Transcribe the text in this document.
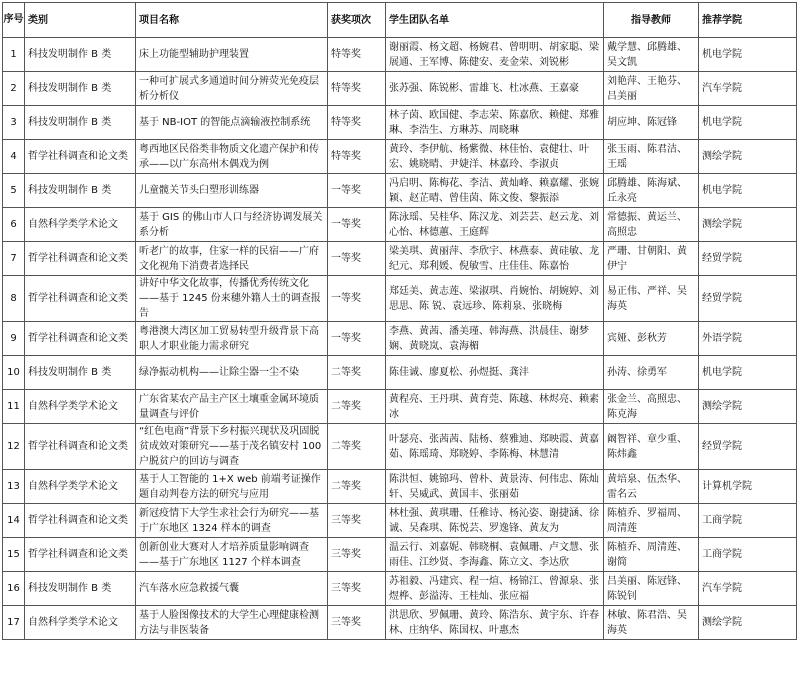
序号	类别	项目名称	获奖项次	学生团队名单	指导教师	推荐学院
1	科技发明制作 B 类	床上功能型辅助护理装置	特等奖	谢丽霞、杨文超、杨婉君、曾明明、胡家聪、梁展通、王军博、陈健安、麦金荣、刘锐彬	戴学慧、邱腾雄、吴文凯	机电学院
2	科技发明制作 B 类	一种可扩展式多通道时间分辨荧光免疫层析分析仪	特等奖	张苏强、陈锐彬、雷雄飞、杜冰燕、王嘉豪	刘艳萍、王艳芬、吕美丽	汽车学院
3	科技发明制作 B 类	基于 NB-IOT 的智能点滴输液控制系统	特等奖	林子茵、欧国健、李志荣、陈嘉欣、赖健、郑雅琳、李浩生、方琳苏、周晓琳	胡应坤、陈冠锋	机电学院
4	哲学社科调查和论文类	粤西地区民俗类非物质文化遗产保护和传承——以广东高州木偶戏为例	特等奖	黄玲、李伊航、杨紫微、林佳怡、袁健壮、叶宏、姚晓晴、尹婕洋、林嘉玲、李淑贞	张玉雨、陈君洁、王瑶	测绘学院
5	科技发明制作 B 类	儿童髋关节头臼塑形训练器	一等奖	冯启明、陈梅花、李洁、黄灿峰、赖嘉耀、张婉颖、赵芷晴、曾佳茵、陈文俊、黎振添	邱腾雄、陈海斌、丘永亮	机电学院
6	自然科学类学术论文	基于 GIS 的佛山市人口与经济协调发展关系分析	一等奖	陈泳瑶、吴桂华、陈汉龙、刘芸芸、赵云龙、刘心怡、林德蕙、王庭辉	常德振、黄运兰、高照忠	测绘学院
7	哲学社科调查和论文类	听老广的故事，住家一样的民宿——广府文化视角下消费者选择民	一等奖	梁美琪、黄丽萍、李欣宇、林燕泰、黄硅敏、龙纪元、郑利媛、倪敏雪、庄佳佳、陈嘉怡	严珊、甘朝阳、黄伊宁	经贸学院
8	哲学社科调查和论文类	讲好中华文化故事，传播优秀传统文化——基于 1245 份来穗外籍人士的调查报告	一等奖	郑廷美、黄志莲、梁淑琪、肖婉怡、胡婉婷、刘思思、陈 锐、袁远珍、陈莉泉、张晓梅	易正伟、严祥、吴海英	经贸学院
9	哲学社科调查和论文类	粤港澳大湾区加工贸易转型升级背景下高职人才职业能力需求研究	一等奖	李燕、黄茜、潘美瑾、韩海燕、洪晨佳、谢梦娴、黄晓岚、袁海楣	宾娅、彭秋芳	外语学院
10	科技发明制作 B 类	绿净振动机构——让除尘器一尘不染	二等奖	陈佳诚、廖夏松、孙煜挺、龚沣	孙涛、徐勇军	机电学院
11	自然科学类学术论文	广东省某农产品主产区土壤重金属环境质量调查与评价	二等奖	黄程亮、王丹琪、黄育莞、陈越、林烬亮、赖素冰	张金兰、高照忠、陈克海	测绘学院
12	哲学社科调查和论文类	“红色电商”背景下乡村振兴现状及巩固脱贫成效对策研究——基于茂名镇安村 100户脱贫户的回访与调查	二等奖	叶瑟亮、张茜茜、陆杨、蔡雅迪、郑映霞、黄嘉茹、陈瑶琦、郑晓婷、李陈梅、林慧清	阚智祥、章少重、陈炜鑫	经贸学院
13	自然科学类学术论文	基于人工智能的 1+X web 前端考证操作题自动判卷方法的研究与应用	二等奖	陈洪恒、姚锦玛、曾朴、黄景涛、何伟忠、陈灿轩、吴威武、黄国丰、张丽茹	黄培泉、伍杰华、雷名云	计算机学院
14	哲学社科调查和论文类	新冠疫情下大学生求社会行为研究——基于广东地区 1324 样本的调查	三等奖	林杜强、黄琪珊、任稚诗、杨沁姿、谢捷涵、徐诚、吴森琪、陈悦芸、罗逸锋、黄友为	陈植乔、罗福周、周清莲	工商学院
15	哲学社科调查和论文类	创新创业大赛对人才培养质量影响调查——基于广东地区 1127 个样本调查	三等奖	温云行、刘嘉妮、韩晓桐、袁佩珊、卢文慧、张雨佳、江纱贤、李海鑫、陈立文、李达欣	陈植乔、周清莲、谢简	工商学院
16	科技发明制作 B 类	汽车落水应急救援气囊	三等奖	苏祖毅、冯建宾、程一煊、杨锦江、曾源泉、张煜桦、彭溢涛、王桂灿、张应福	吕美丽、陈冠锋、陈锐钊	汽车学院
17	自然科学类学术论文	基于人脸图像技术的大学生心理健康检测方法与非医装备	三等奖	洪思欣、罗佩珊、黄玲、陈浩东、黄宇东、许春林、庄纳华、陈国权、叶惠杰	林敏、陈君浩、吴海英	测绘学院
